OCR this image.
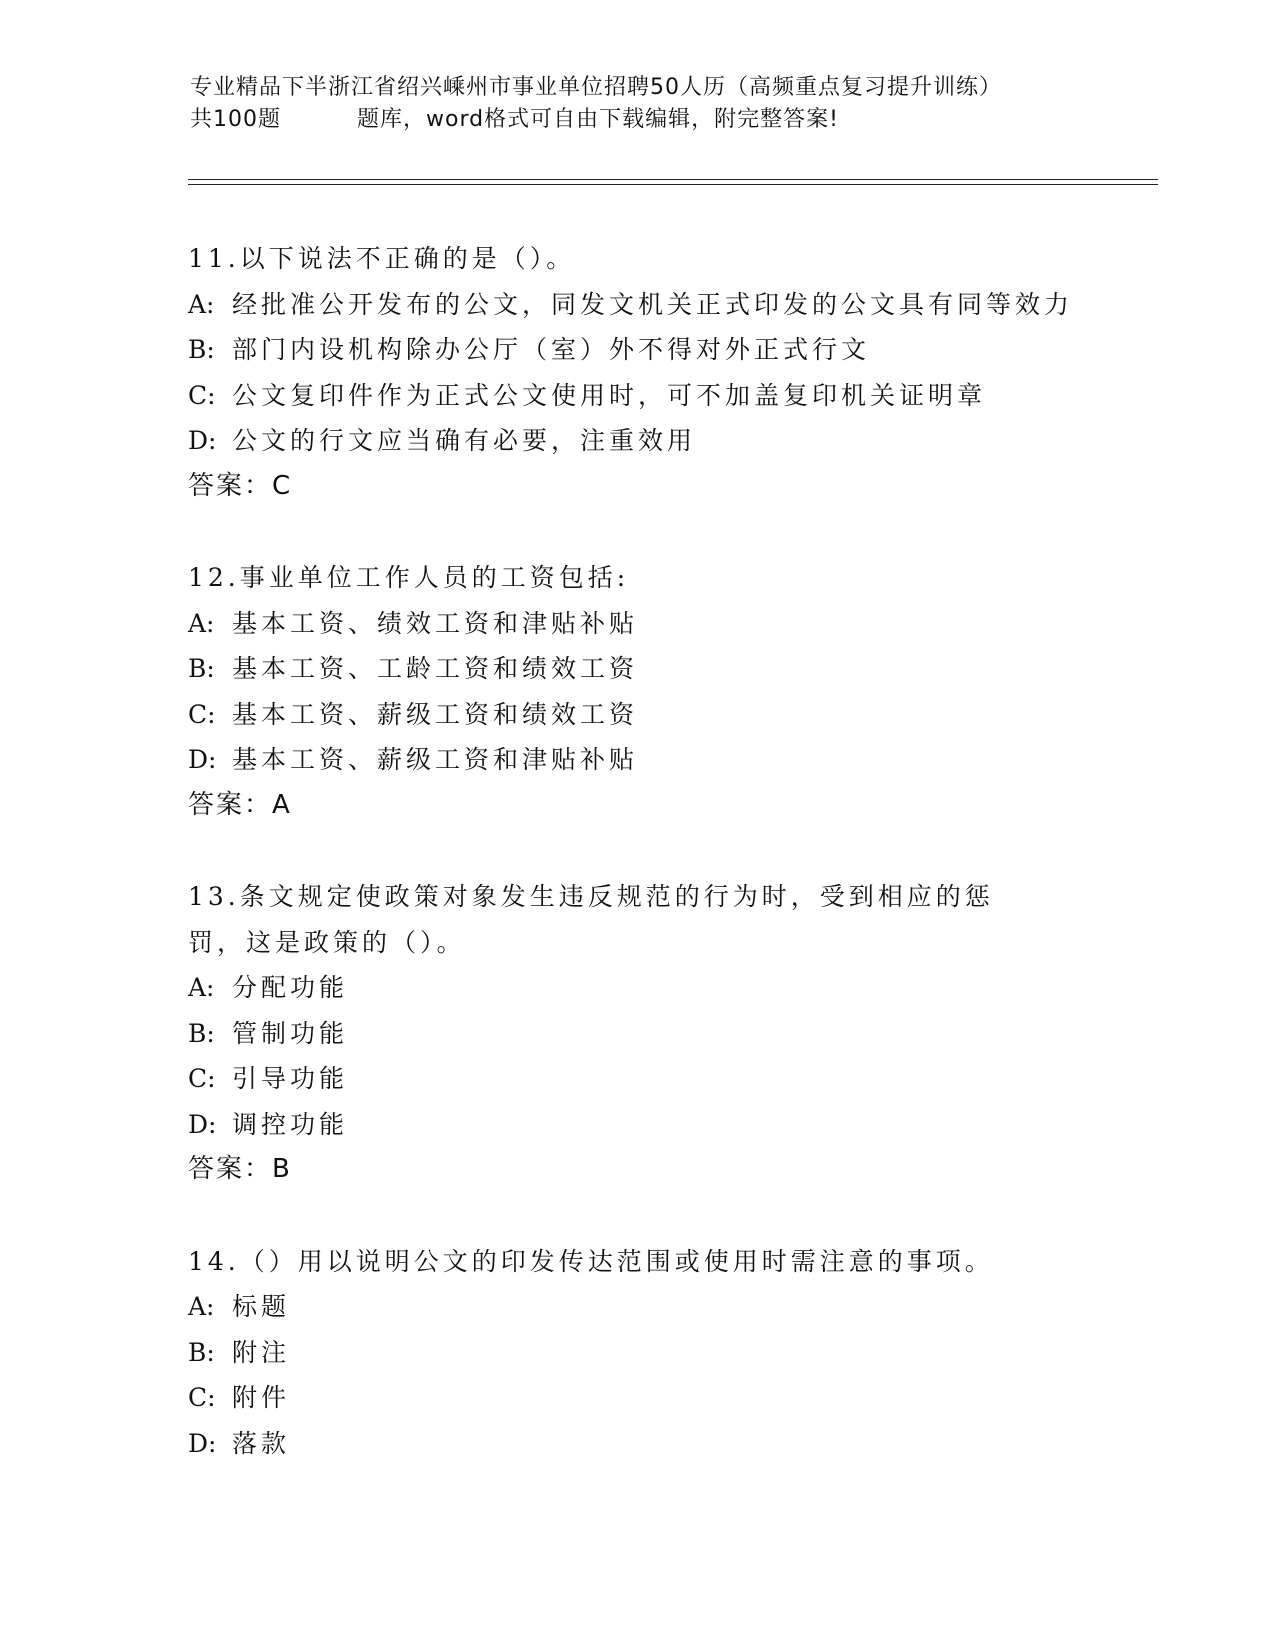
专业精品下半浙江省绍兴嵊州市事业单位招聘50人历（高频重点复习提升训练）
共100题	题库，word格式可自由下载编辑，附完整答案!
11.以下说法不正确的是（）。
A: 经批准公开发布的公文，同发文机关正式印发的公文具有同等效力
B: 部门内设机构除办公厅（室）外不得对外正式行文
C: 公文复印件作为正式公文使用时，可不加盖复印机关证明章
D: 公文的行文应当确有必要，注重效用
答案：C
12.事业单位工作人员的工资包括:
A: 基本工资、绩效工资和津贴补贴
B: 基本工资、工龄工资和绩效工资
C: 基本工资、薪级工资和绩效工资
D: 基本工资、薪级工资和津贴补贴
答案：A
13.条文规定使政策对象发生违反规范的行为时，受到相应的惩罚，这是政策的（）。
A: 分配功能
B: 管制功能
C: 引导功能
D: 调控功能
答案：B
14.（）用以说明公文的印发传达范围或使用时需注意的事项。
A: 标题
B: 附注
C: 附件
D: 落款
